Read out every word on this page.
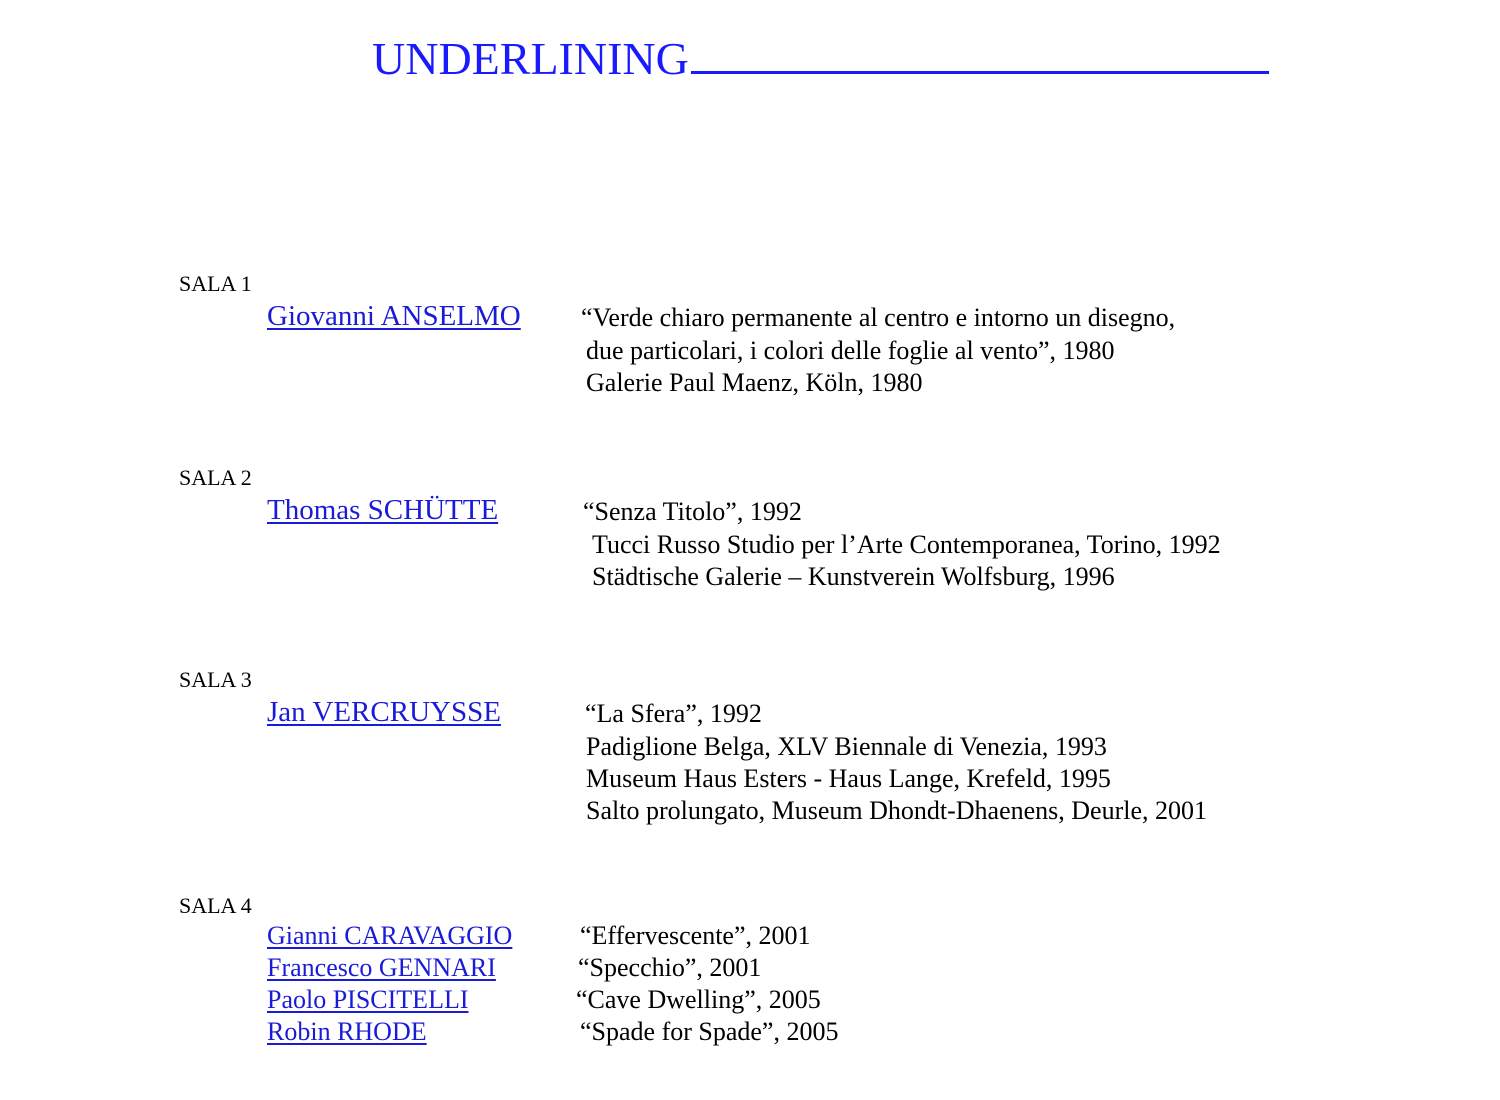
UNDERLINING
SALA 1
Giovanni ANSELMO “Verde chiaro permanente al centro e intorno un disegno,
due particolari, i colori delle foglie al vento”, 1980
Galerie Paul Maenz, Köln, 1980
SALA 2
Thomas SCHÜTTE	“Senza Titolo”, 1992
Tucci Russo Studio per l’Arte Contemporanea, Torino, 1992
Städtische Galerie – Kunstverein Wolfsburg, 1996
SALA 3
Jan VERCRUYSSE	“La Sfera”, 1992
Padiglione Belga, XLV Biennale di Venezia, 1993
Museum Haus Esters - Haus Lange, Krefeld, 1995
Salto prolungato, Museum Dhondt-Dhaenens, Deurle, 2001
SALA 4
Gianni CARAVAGGIO	“Effervescente”, 2001
Francesco GENNARI	“Specchio”, 2001
Paolo PISCITELLI	“Cave Dwelling”, 2005
Robin RHODE	“Spade for Spade”, 2005
